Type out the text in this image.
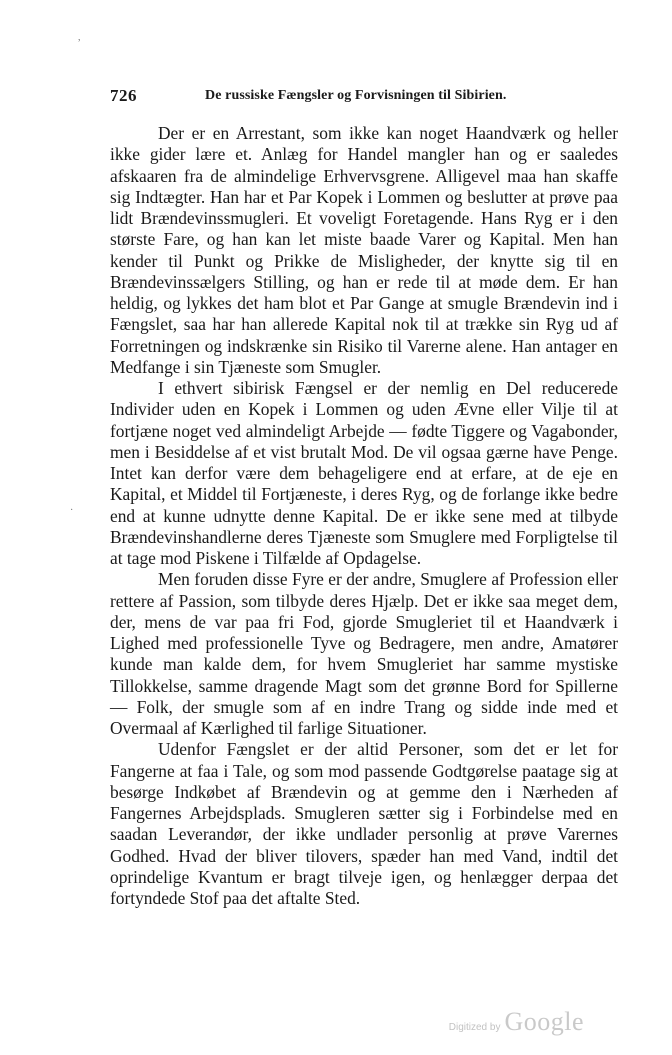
,
·
726	De russiske Fængsler og Forvisningen til Sibirien.

Der er en Arrestant, som ikke kan noget Haandværk og heller ikke gider lære et. Anlæg for Handel mangler han og er saaledes afskaaren fra de almindelige Erhvervsgrene. Alligevel maa han skaffe sig Indtægter. Han har et Par Kopek i Lommen og beslutter at prøve paa lidt Brændevinssmugleri. Et voveligt Foretagende. Hans Ryg er i den største Fare, og han kan let miste baade Varer og Kapital. Men han kender til Punkt og Prikke de Misligheder, der knytte sig til en Brændevinssælgers Stilling, og han er rede til at møde dem. Er han heldig, og lykkes det ham blot et Par Gange at smugle Brændevin ind i Fængslet, saa har han allerede Kapital nok til at trække sin Ryg ud af Forretningen og indskrænke sin Risiko til Varerne alene. Han antager en Medfange i sin Tjæneste som Smugler.

I ethvert sibirisk Fængsel er der nemlig en Del reducerede Individer uden en Kopek i Lommen og uden Ævne eller Vilje til at fortjæne noget ved almindeligt Arbejde — fødte Tiggere og Vagabonder, men i Besiddelse af et vist brutalt Mod. De vil ogsaa gærne have Penge. Intet kan derfor være dem behageligere end at erfare, at de eje en Kapital, et Middel til Fortjæneste, i deres Ryg, og de forlange ikke bedre end at kunne udnytte denne Kapital. De er ikke sene med at tilbyde Brændevinshandlerne deres Tjæneste som Smuglere med Forpligtelse til at tage mod Piskene i Tilfælde af Opdagelse.

Men foruden disse Fyre er der andre, Smuglere af Profession eller rettere af Passion, som tilbyde deres Hjælp. Det er ikke saa meget dem, der, mens de var paa fri Fod, gjorde Smugleriet til et Haandværk i Lighed med professionelle Tyve og Bedragere, men andre, Amatører kunde man kalde dem, for hvem Smugleriet har samme mystiske Tillokkelse, samme dragende Magt som det grønne Bord for Spillerne — Folk, der smugle som af en indre Trang og sidde inde med et Overmaal af Kærlighed til farlige Situationer.

Udenfor Fængslet er der altid Personer, som det er let for Fangerne at faa i Tale, og som mod passende Godtgørelse paatage sig at besørge Indkøbet af Brændevin og at gemme den i Nærheden af Fangernes Arbejdsplads. Smugleren sætter sig i Forbindelse med en saadan Leverandør, der ikke undlader personlig at prøve Varernes Godhed. Hvad der bliver tilovers, spæder han med Vand, indtil det oprindelige Kvantum er bragt tilveje igen, og henlægger derpaa det fortyndede Stof paa det aftalte Sted.

Digitized by Google
